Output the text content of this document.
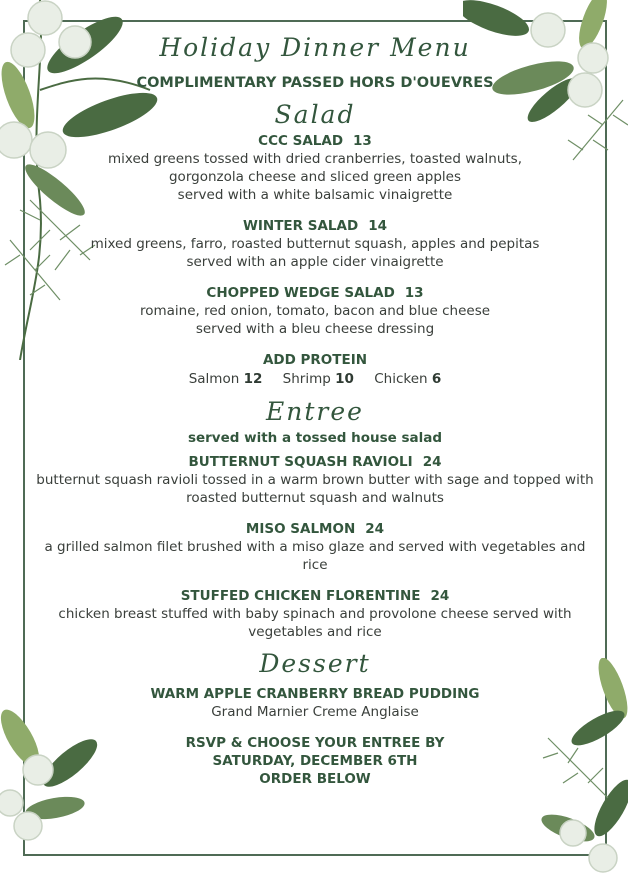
Holiday Dinner Menu
COMPLIMENTARY PASSED HORS D'OUEVRES
Salad
CCC SALAD 13
mixed greens tossed with dried cranberries, toasted walnuts,
gorgonzola cheese and sliced green apples
served with a white balsamic vinaigrette
WINTER SALAD 14
mixed greens, farro, roasted butternut squash, apples and pepitas
served with an apple cider vinaigrette
CHOPPED WEDGE SALAD 13
romaine, red onion, tomato, bacon and blue cheese
served with a bleu cheese dressing
ADD PROTEIN
Salmon 12 Shrimp 10 Chicken 6
Entree
served with a tossed house salad
BUTTERNUT SQUASH RAVIOLI 24
butternut squash ravioli tossed in a warm brown butter with sage and topped with
roasted butternut squash and walnuts
MISO SALMON 24
a grilled salmon filet brushed with a miso glaze and served with vegetables and rice
STUFFED CHICKEN FLORENTINE 24
chicken breast stuffed with baby spinach and provolone cheese served with
vegetables and rice
Dessert
WARM APPLE CRANBERRY BREAD PUDDING
Grand Marnier Creme Anglaise
RSVP & CHOOSE YOUR ENTREE BY
SATURDAY, DECEMBER 6TH
ORDER BELOW
